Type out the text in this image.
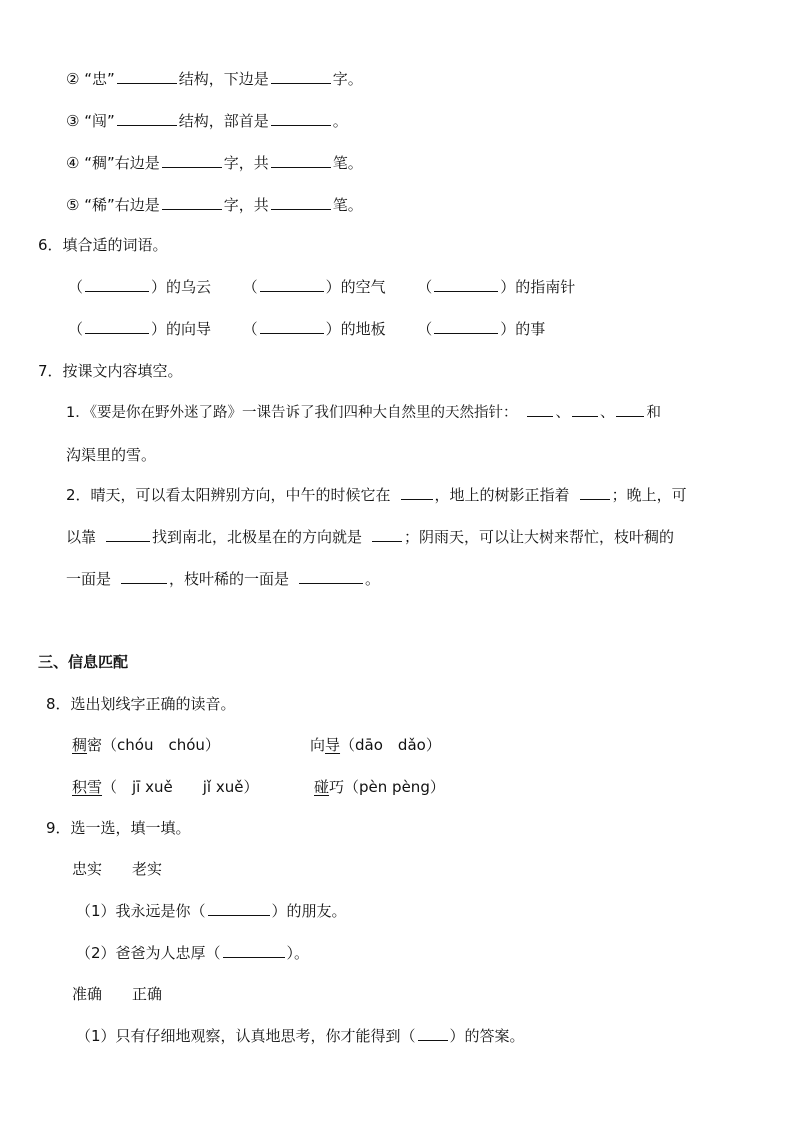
② “忠”	结构，下边是	字。
③ “闯”	结构，部首是	。
④ “稠”右边是	字，共	笔。
⑤ “稀”右边是	字，共	笔。
6．填合适的词语。
（	）的乌云 （	）的空气 （	）的指南针
（	）的向导 （	）的地板 （	）的事
7．按课文内容填空。
1．《要是你在野外迷了路》一课告诉了我们四种大自然里的天然指针：	、 、 和
沟渠里的雪。
2．晴天，可以看太阳辨别方向，中午的时候它在	，地上的树影正指着	；晚上，可
以靠	找到南北，北极星在的方向就是	；阴雨天，可以让大树来帮忙，枝叶稠的
一面是	，枝叶稀的一面是	。
三、信息匹配
8．选出划线字正确的读音。
稠密（chóu　chóu）	向导（dāo　dǎo）
积雪（　jī xuě　　jǐ xuě）	碰巧（pèn pèng）
9．选一选，填一填。
忠实 老实
（1）我永远是你（	）的朋友。
（2）爸爸为人忠厚（	）。
准确 正确
（1）只有仔细地观察，认真地思考，你才能得到（ ）的答案。
